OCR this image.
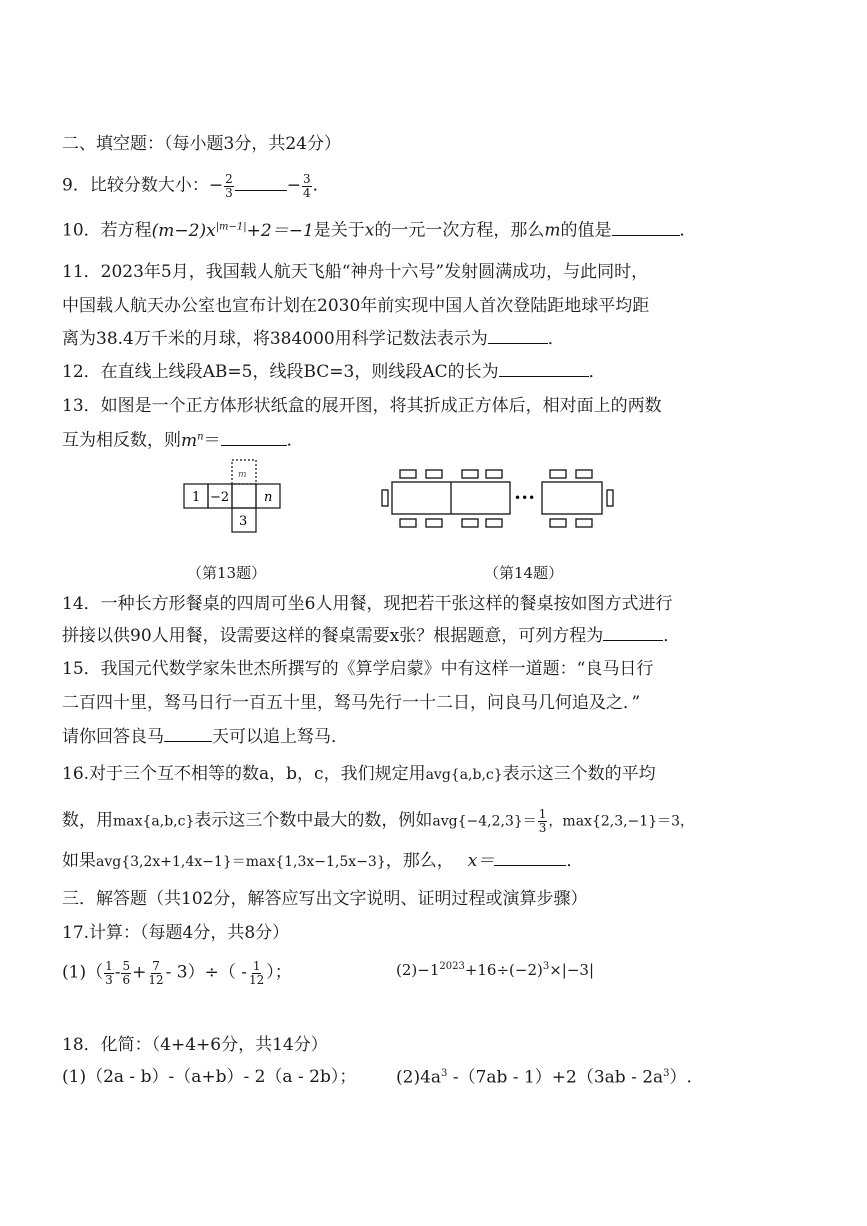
二、填空题：（每小题3分，共24分）
9．比较分数大小：− $\frac{2}{3}$	− $\frac{3}{4}$ ．
10．若方程$(m-2)x^{|m-1|}+2=-1$是关于x的一元一次方程，那么m的值是	．
11．2023年5月，我国载人航天飞船“神舟十六号”发射圆满成功，与此同时，
中国载人航天办公室也宣布计划在2030年前实现中国人首次登陆距地球平均距
离为38.4万千米的月球，将384000用科学记数法表示为	．
12．在直线上线段AB=5，线段BC=3，则线段AC的长为	．
13．如图是一个正方体形状纸盒的展开图，将其折成正方体后，相对面上的两数
互为相反数，则$m^n=$	．
1 −2	n
3
m
•••
（第13题）	（第14题）
14．一种长方形餐桌的四周可坐6人用餐，现把若干张这样的餐桌按如图方式进行
拼接以供90人用餐，设需要这样的餐桌需要x张？根据题意，可列方程为	．
15．我国元代数学家朱世杰所撰写的《算学启蒙》中有这样一道题：“良马日行
二百四十里，驽马日行一百五十里，驽马先行一十二日，问良马几何追及之．”
请你回答良马	天可以追上驽马．
16.对于三个互不相等的数a，b，c，我们规定用avg{a,b,c}表示这三个数的平均
数，用max{a,b,c}表示这三个数中最大的数，例如$avg\{-4,2,3\}= \frac{1}{3}$ ，max{2,3,−1}＝3，
如果avg{3,2x+1,4x−1}＝max{1,3x−1,5x−3}，那么， x＝	．
三．解答题（共102分，解答应写出文字说明、证明过程或演算步骤）
17.计算：（每题4分，共8分）
$(1)( \frac{1}{3} - \frac{5}{6} + \frac{7}{12} - 3)\div( - \frac{1}{12}$ ）；	$(2)-1^{2023}+16\div(-2)^3\times|-3|$
18．化简：（4+4+6分，共14分）
(1)（2a - b）-（a+b）- 2（a - 2b）； $(2)4a^3$ $-(7ab - 1)+2(3ab - 2a^3)$.
